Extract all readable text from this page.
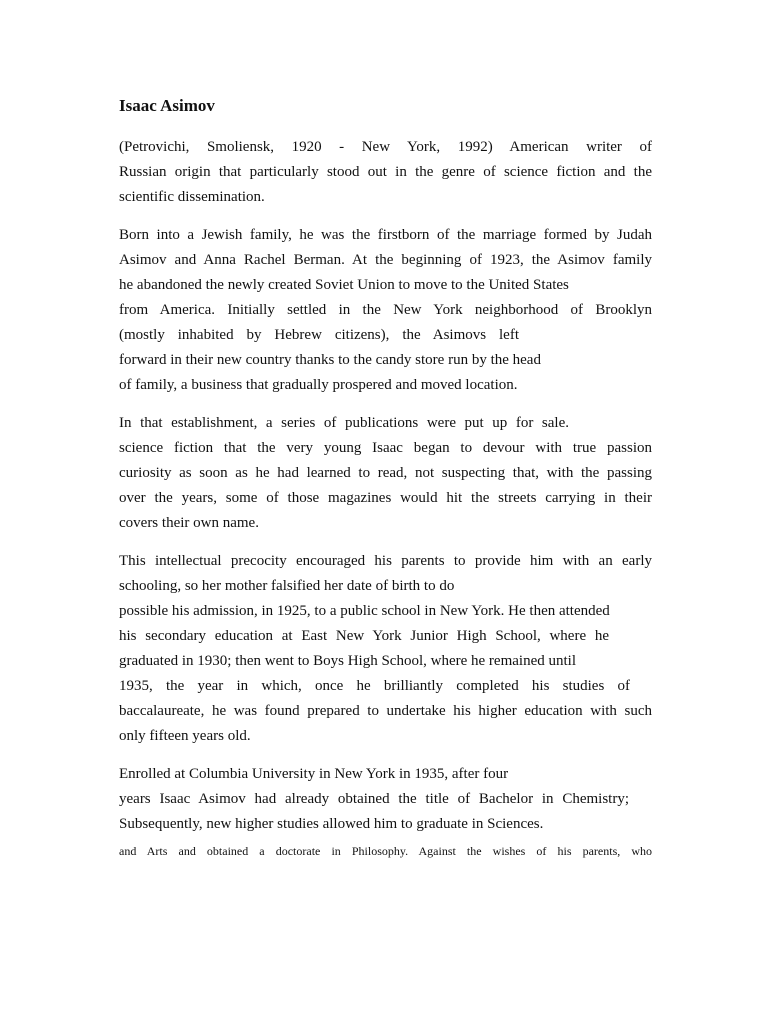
Isaac Asimov
(Petrovichi, Smoliensk, 1920 - New York, 1992) American writer of
Russian origin that particularly stood out in the genre of science fiction and the
scientific dissemination.
Born into a Jewish family, he was the firstborn of the marriage formed by Judah
Asimov and Anna Rachel Berman. At the beginning of 1923, the Asimov family
he abandoned the newly created Soviet Union to move to the United States
from America. Initially settled in the New York neighborhood of Brooklyn
(mostly inhabited by Hebrew citizens), the Asimovs left
forward in their new country thanks to the candy store run by the head
of family, a business that gradually prospered and moved location.
In that establishment, a series of publications were put up for sale.
science fiction that the very young Isaac began to devour with true passion
curiosity as soon as he had learned to read, not suspecting that, with the passing
over the years, some of those magazines would hit the streets carrying in their
covers their own name.
This intellectual precocity encouraged his parents to provide him with an early
schooling, so her mother falsified her date of birth to do
possible his admission, in 1925, to a public school in New York. He then attended
his secondary education at East New York Junior High School, where he
graduated in 1930; then went to Boys High School, where he remained until
1935, the year in which, once he brilliantly completed his studies of
baccalaureate, he was found prepared to undertake his higher education with such
only fifteen years old.
Enrolled at Columbia University in New York in 1935, after four
years Isaac Asimov had already obtained the title of Bachelor in Chemistry;
Subsequently, new higher studies allowed him to graduate in Sciences.
and Arts and obtained a doctorate in Philosophy. Against the wishes of his parents, who
